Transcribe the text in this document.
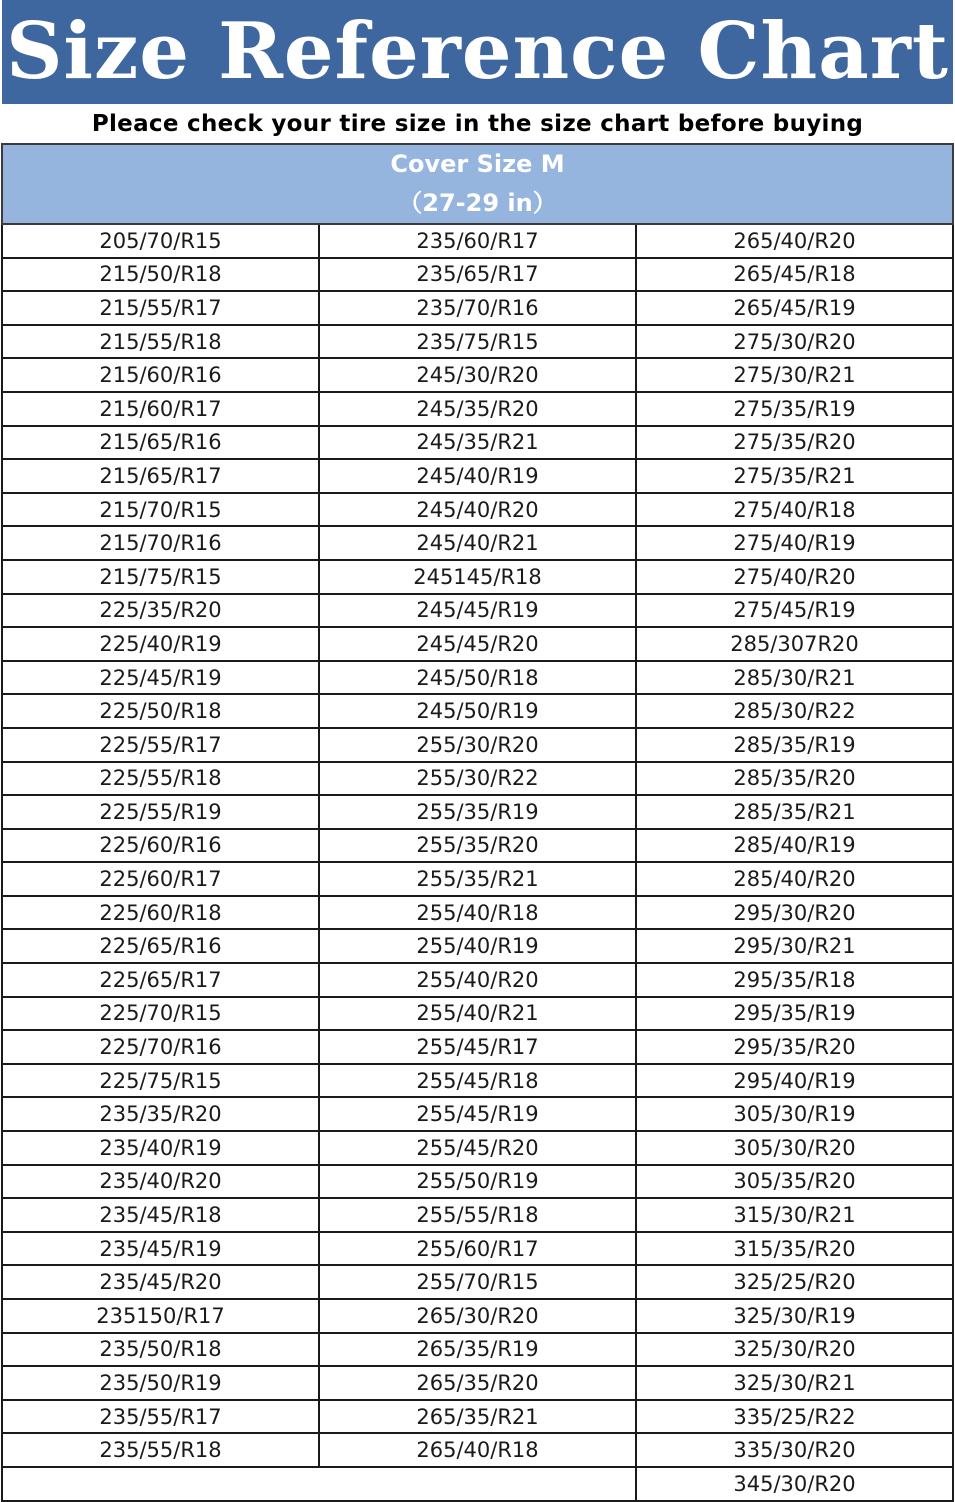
Size Reference Chart
Pleace check your tire size in the size chart before buying
Cover Size M
（27-29 in）		

205/70/R15	235/60/R17	265/40/R20
215/50/R18	235/65/R17	265/45/R18
215/55/R17	235/70/R16	265/45/R19
215/55/R18	235/75/R15	275/30/R20
215/60/R16	245/30/R20	275/30/R21
215/60/R17	245/35/R20	275/35/R19
215/65/R16	245/35/R21	275/35/R20
215/65/R17	245/40/R19	275/35/R21
215/70/R15	245/40/R20	275/40/R18
215/70/R16	245/40/R21	275/40/R19
215/75/R15	245145/R18	275/40/R20
225/35/R20	245/45/R19	275/45/R19
225/40/R19	245/45/R20	285/307R20
225/45/R19	245/50/R18	285/30/R21
225/50/R18	245/50/R19	285/30/R22
225/55/R17	255/30/R20	285/35/R19
225/55/R18	255/30/R22	285/35/R20
225/55/R19	255/35/R19	285/35/R21
225/60/R16	255/35/R20	285/40/R19
225/60/R17	255/35/R21	285/40/R20
225/60/R18	255/40/R18	295/30/R20
225/65/R16	255/40/R19	295/30/R21
225/65/R17	255/40/R20	295/35/R18
225/70/R15	255/40/R21	295/35/R19
225/70/R16	255/45/R17	295/35/R20
225/75/R15	255/45/R18	295/40/R19
235/35/R20	255/45/R19	305/30/R19
235/40/R19	255/45/R20	305/30/R20
235/40/R20	255/50/R19	305/35/R20
235/45/R18	255/55/R18	315/30/R21
235/45/R19	255/60/R17	315/35/R20
235/45/R20	255/70/R15	325/25/R20
235150/R17	265/30/R20	325/30/R19
235/50/R18	265/35/R19	325/30/R20
235/50/R19	265/35/R20	325/30/R21
235/55/R17	265/35/R21	335/25/R22
235/55/R18	265/40/R18	335/30/R20
		345/30/R20
